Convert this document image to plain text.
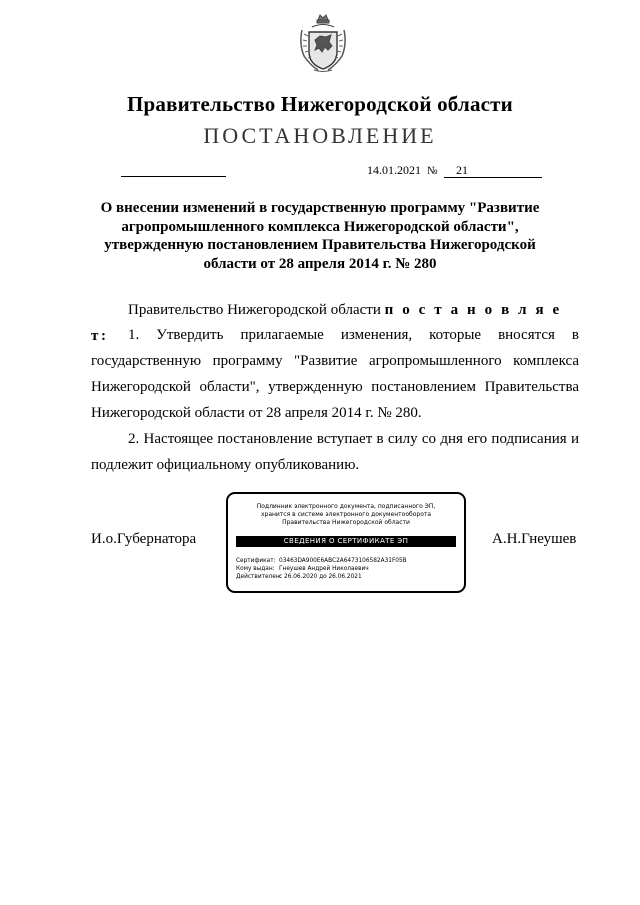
Правительство Нижегородской области
ПОСТАНОВЛЕНИЕ
14.01.2021 №	21
О внесении изменений в государственную программу "Развитие агропромышленного комплекса Нижегородской области", утвержденную постановлением Правительства Нижегородской области от 28 апреля 2014 г. № 280
Правительство Нижегородской области п о с т а н о в л я е т:	1. Утвердить прилагаемые изменения, которые вносятся в государственную программу "Развитие агропромышленного комплекса Нижегородской области", утвержденную постановлением Правительства Нижегородской области от 28 апреля 2014 г. № 280.
2. Настоящее постановление вступает в силу со дня его подписания и подлежит официальному опубликованию.
И.о.Губернатора	А.Н.Гнеушев
Подлинник электронного документа, подписанного ЭП,
хранится в системе электронного документооборота
Правительства Нижегородской области
СВЕДЕНИЯ О СЕРТИФИКАТЕ ЭП
Сертификат: 03463DA900E6ABC2A6473106582A31F05B
Кому выдан: Гнеушев Андрей Николаевич
Действителен:с 26.06.2020 до 26.06.2021
